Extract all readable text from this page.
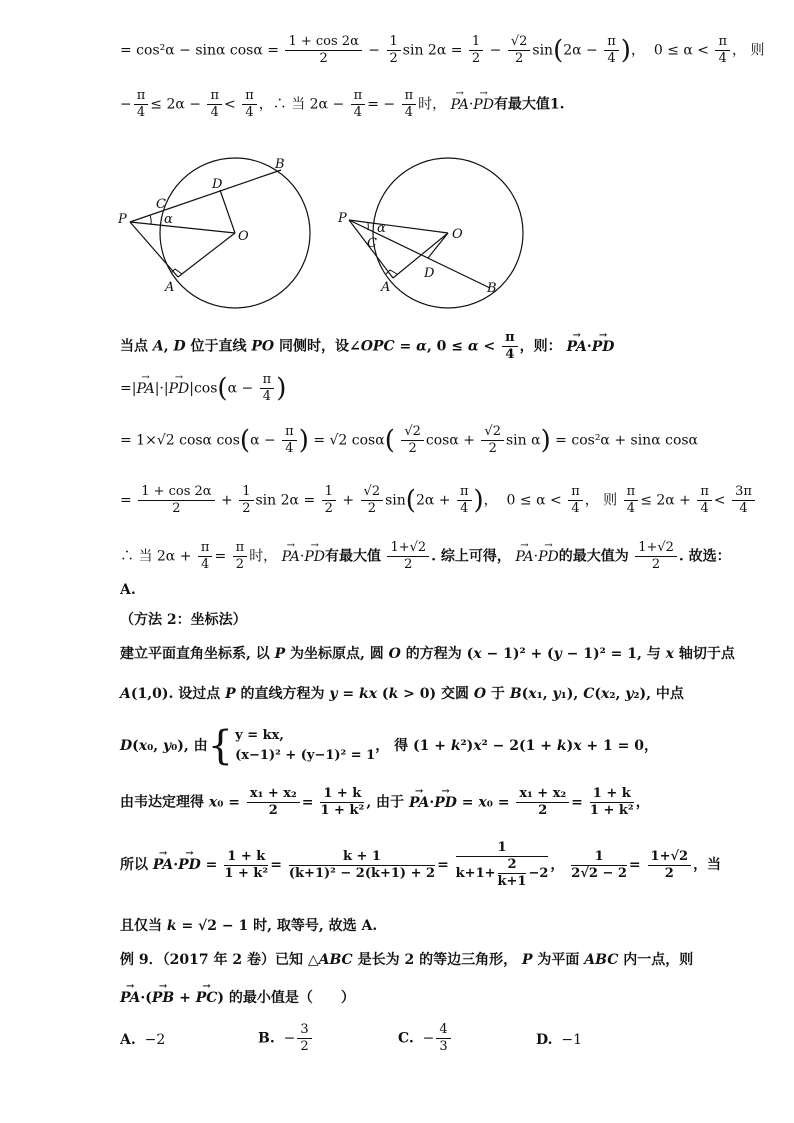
= cos²α − sinα $\cos\alpha = \frac{1 + \cos 2\alpha}{2} - \frac{1}{2}$ $\sin 2\alpha = \frac{1}{2} - \frac{√2}{2} \sin(2\alpha - \frac{\pi}{4}$ )，  $0 \le \alpha < \frac{\pi}{4}$ ， 则
− $\frac{\pi}{4} \le 2\alpha - \frac{\pi}{4} < \frac{\pi}{4}$ ，∴ 当 $2\alpha - \frac{\pi}{4}$ = − $\frac{\pi}{4}$ 时， → PA·→ PD有最大值1.
P
C
D
B
O
A
α	P
C
D
B
O
A
α
当点 A, D 位于直线 PO 同侧时，设∠OPC = α, $0 \le \alpha < \frac{\pi}{4}$ ，则： → PA·→ PD
=|→ $PA|\cdot|\to PD|\cos(\alpha - \frac{\pi}{4}$ )
= 1×√2 cosα $\cos(\alpha - \frac{\pi}{4}$ ) = √2 $\cos\alpha( \frac{√2}{2}$ $\cos\alpha + \frac{√2}{2}$ sin α) = cos²α + sinα cosα
= $\frac{1 + \cos 2\alpha}{2} + \frac{1}{2}$ $\sin 2\alpha = \frac{1}{2} + \frac{√2}{2} \sin(2\alpha + \frac{\pi}{4}$ )，  $0 \le \alpha < \frac{\pi}{4}$ ， 则 $\frac{\pi}{4} \le 2\alpha + \frac{\pi}{4} < \frac{3\pi}{4}$
∴ 当 $2\alpha + \frac{\pi}{4} = \frac{\pi}{2}$ 时， → PA·→ PD有最大值 $\frac{1+√2}{2}$ . 综上可得， → PA·→ PD的最大值为 $\frac{1+√2}{2}$ . 故选：
A.
（方法 2：坐标法）
建立平面直角坐标系, 以 P 为坐标原点, 圆 O 的方程为 (x − 1)² + (y − 1)² = 1, 与 x 轴切于点
A(1,0). 设过点 P 的直线方程为 y = kx (k > 0) 交圆 O 于 B(x₁, y₁), C(x₂, y₂), 中点
D(x₀, y₀), 由{ y = kx,
(x−1)² + (y−1)² = 1， 得 (1 + k²)x² − 2(1 + k)x + 1 = 0，
由韦达定理得 $x_0 = \frac{\text{x₁ + x₂}}{2} = \frac{1 + k}{\text{1 + k²}}$ , 由于 → PA·→ PD = $x_0 = \frac{\text{x₁ + x₂}}{2} = \frac{1 + k}{\text{1 + k²}}$ ，
所以 → PA·→ PD = $\frac{1 + k}{\text{1 + k²}} = \frac{k + 1}{\text{(k+1)² − 2(k+1) + 2}} = \frac{1}{k+1+ \frac{2}{k+1} -2}$ ， $\frac{1}{2√2 - 2} = \frac{1+√2}{2}$ ，当
且仅当 k = √2 − 1 时, 取等号, 故选 A.
例 9．（2017 年 2 卷）已知 △ABC 是长为 2 的等边三角形， P 为平面 ABC 内一点，则
→ PA·(→ PB + → PC) 的最小值是（　　）
A.  −2	B.  − $\frac{3}{2}$	C.  − $\frac{4}{3}$	D.  −1
